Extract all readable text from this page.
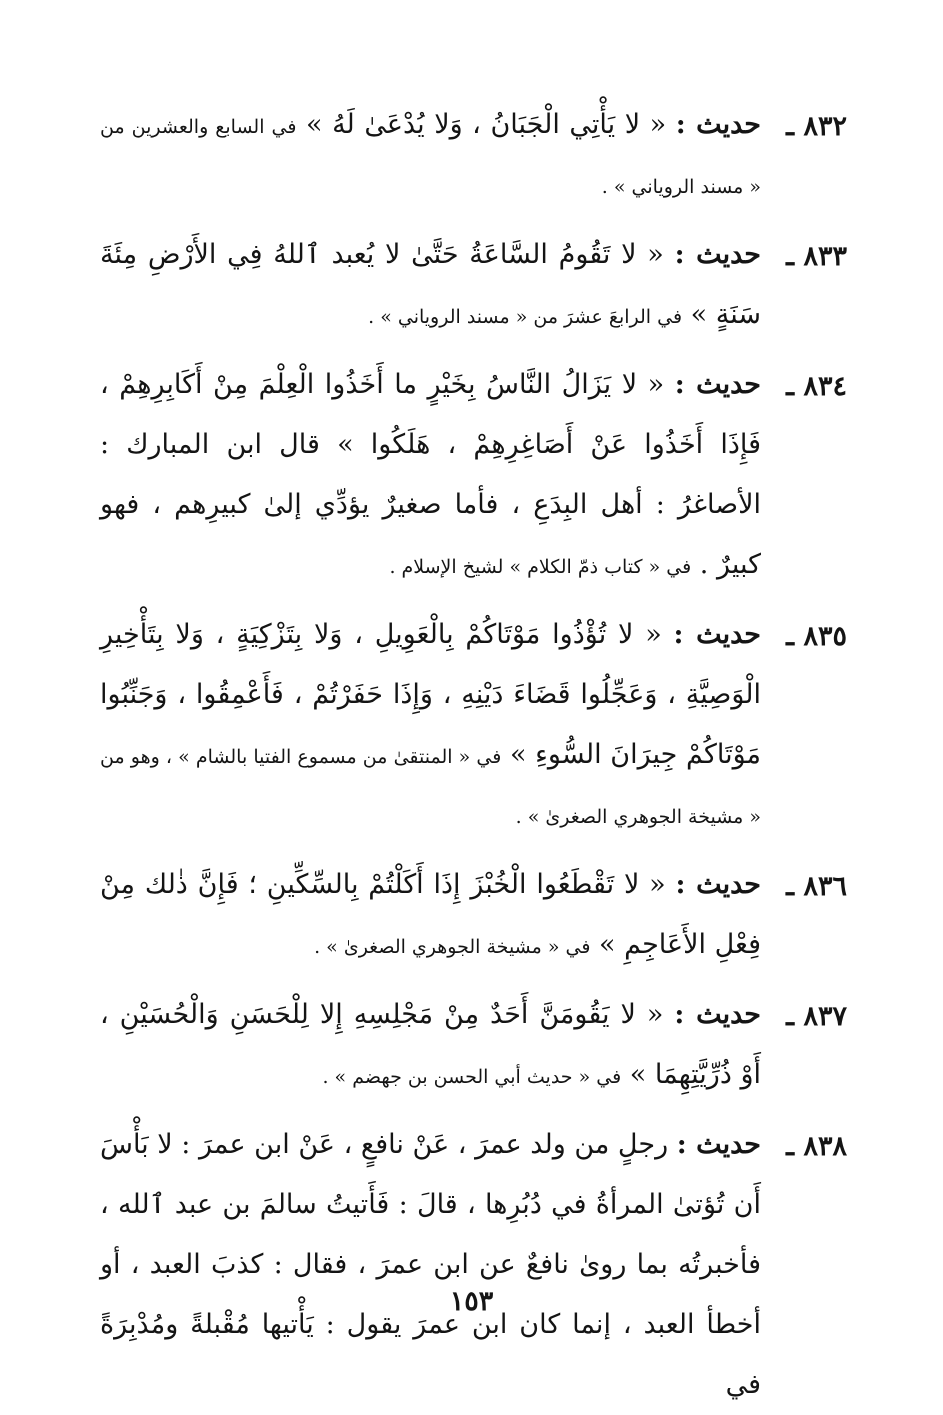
٨٣٢ ـ

حديث : « لا يَأْتِي الْجَبَانُ ، وَلا يُدْعَىٰ لَهُ » في السابع والعشرين من « مسند الروياني » .

٨٣٣ ـ

حديث : « لا تَقُومُ السَّاعَةُ حَتَّىٰ لا يُعبد ٱللهُ فِي الأَرْضِ مِئَةَ سَنَةٍ » في الرابعَ عشرَ من « مسند الروياني » .

٨٣٤ ـ

حديث : « لا يَزَالُ النَّاسُ بِخَيْرٍ ما أَخَذُوا الْعِلْمَ مِنْ أَكَابِرِهِمْ ، فَإِذَا أَخَذُوا عَنْ أَصَاغِرِهِمْ ، هَلَكُوا » قال ابن المبارك : الأصاغرُ : أهل البِدَعِ ، فأما صغيرٌ يؤدِّي إلىٰ كبيرِهم ، فهو كبيرٌ . في « كتاب ذمّ الكلام » لشيخ الإسلام .

٨٣٥ ـ

حديث : « لا تُؤْذُوا مَوْتَاكُمْ بِالْعَوِيلِ ، وَلا بِتَزْكِيَةٍ ، وَلا بِتَأْخِيرِ الْوَصِيَّةِ ، وَعَجِّلُوا قَضَاءَ دَيْنِهِ ، وَإِذَا حَفَرْتُمْ ، فَأَعْمِقُوا ، وَجَنِّبُوا مَوْتَاكُمْ جِيرَانَ السُّوءِ » في « المنتقىٰ من مسموع الفتيا بالشام » ، وهو من « مشيخة الجوهري الصغرىٰ » .

٨٣٦ ـ

حديث : « لا تَقْطَعُوا الْخُبْزَ إِذَا أَكَلْتُمْ بِالسِّكِّينِ ؛ فَإِنَّ ذٰلك مِنْ فِعْلِ الأَعَاجِمِ » في « مشيخة الجوهري الصغرىٰ » .

٨٣٧ ـ

حديث : « لا يَقُومَنَّ أَحَدٌ مِنْ مَجْلِسِهِ إِلا لِلْحَسَنِ وَالْحُسَيْنِ ، أَوْ ذُرِّيَّتِهِمَا » في « حديث أبي الحسن بن جهضم » .

٨٣٨ ـ

حديث : رجلٍ من ولد عمرَ ، عَنْ نافعٍ ، عَنْ ابن عمرَ : لا بَأْسَ أَن تُؤتىٰ المرأةُ في دُبُرِها ، قالَ : فَأَتيتُ سالمَ بن عبد ٱلله ، فأخبرتُه بما روىٰ نافعٌ عن ابن عمرَ ، فقال : كذبَ العبد ، أو أخطأ العبد ، إنما كان ابن عمرَ يقول : يَأْتيها مُقْبلةً ومُدْبِرَةً في

١٥٣
